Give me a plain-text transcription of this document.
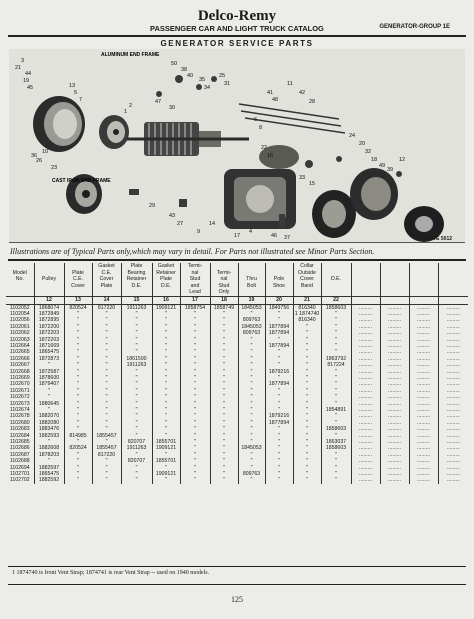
Delco-Remy
PASSENGER CAR AND LIGHT TRUCK CATALOG	GENERATOR-GROUP 1E
GENERATOR SERVICE PARTS
3
21
44
19
45	13
5
7
36
26
10
23
50
38
40
35
34
47
30
2
1
25
31
41
48
11
42
28
22
16
6
8
24
20
32
18
49
39
12
33
15
46 37
17
4
14
9
43
27
29
ALUMINUM END FRAME
CAST IRON END FRAME
PLATE 5012
Illustrations are of Typical Parts only,which may vary in detail. For Parts not illustrated see Minor Parts Section.
			Gasket	Plate	Gasket	Termi-				Collar					
Model		Plate	C.E.	Bearing	Retainer	nal	Termi-			Outside					
No.	Pulley	C.E.	Cover	Retainer	Plate	Stud	nal	Thru	Pole	Cover	D.E.				
		Cover	Plate	D.E.	D.E.	and	Stud	Bolt	Shoe	Band					
						Lead	Only								
	12	13	14	15	16	17	18	19	20	21	22				
1102052	1868074	820524	817220	1911263	1909121	1858754	1858749	1845053	1849756	816340	1858603	.........	.........	.........	.........
1102054	1872849	"	"	"	"	"	"	"	"	1 1874740	"	.........	.........	.........	.........
1102056	1872895	"	"	"	"	"	"	809763	"	816340	"	.........	.........	.........	.........
1102061	1872200	"	"	"	"	"	"	1845053	1877894	"	"	.........	.........	.........	.........
1102062	1872203	"	"	"	"	"	"	809763	1877894	"	"	.........	.........	.........	.........
1102063	1872203	"	"	"	"	"	"	"	"	"	"	.........	.........	.........	.........
1102664	1871669	"	"	"	"	"	"	"	1877894	"	"	.........	.........	.........	.........
1102665	1865475	"	"	"	"	"	"	"	"	"	"	.........	.........	.........	.........
1102666	1872873	"	"	1861590	"	"	"	"	"	"	1863792	.........	.........	.........	.........
1102667	"	"	"	1911263	"	"	"	"	"	"	817224	.........	.........	.........	.........
1102668	1872587	"	"	"	"	"	"	"	1879216	"	"	.........	.........	.........	.........
1102669	1878600	"	"	"	"	"	"	"	"	"	"	.........	.........	.........	.........
1102670	1879407	"	"	"	"	"	"	"	1877894	"	"	.........	.........	.........	.........
1102671	"	"	"	"	"	"	"	"	"	"	"	.........	.........	.........	.........
1102672	"	"	"	"	"	"	"	"	"	"	"	.........	.........	.........	.........
1102673	1880645	"	"	"	"	"	"	"	"	"	"	.........	.........	.........	.........
1102674	"	"	"	"	"	"	"	"	"	"	1854891	.........	.........	.........	.........
1102678	1882070	"	"	"	"	"	"	"	1879216	"	"	.........	.........	.........	.........
1102680	1882080	"	"	"	"	"	"	"	1877894	"	"	.........	.........	.........	.........
1102683	1883476	"	"	"	"	"	"	"	"	"	1858603	.........	.........	.........	.........
1102684	1882593	814985	1855457	"	"	"	"	"	"	"	"	.........	.........	.........	.........
1102685	"	"	"	820707	1855701	"	"	"	"	"	1863037	.........	.........	.........	.........
1102686	1882608	820524	1855457	1911263	1909121	"	"	1845053	"	"	1858603	.........	.........	.........	.........
1102687	1878203	"	817220	"	"	"	"	"	"	"	"	.........	.........	.........	.........
1102688	"	"	"	820707	1855701	"	"	"	"	"	"	.........	.........	.........	.........
1102694	1882597	"	"	"	"	"	"	"	"	"	"	.........	.........	.........	.........
1102701	1865475	"	"	"	1909121	"	"	809763	"	"	"	.........	.........	.........	.........
1102702	1882592	"	"	"	"	"	"	"	"	"	"	.........	.........	.........	.........
1 1874740 is front Vent Strap; 1874741 is rear Vent Strap -- used on 1940 models.
125
